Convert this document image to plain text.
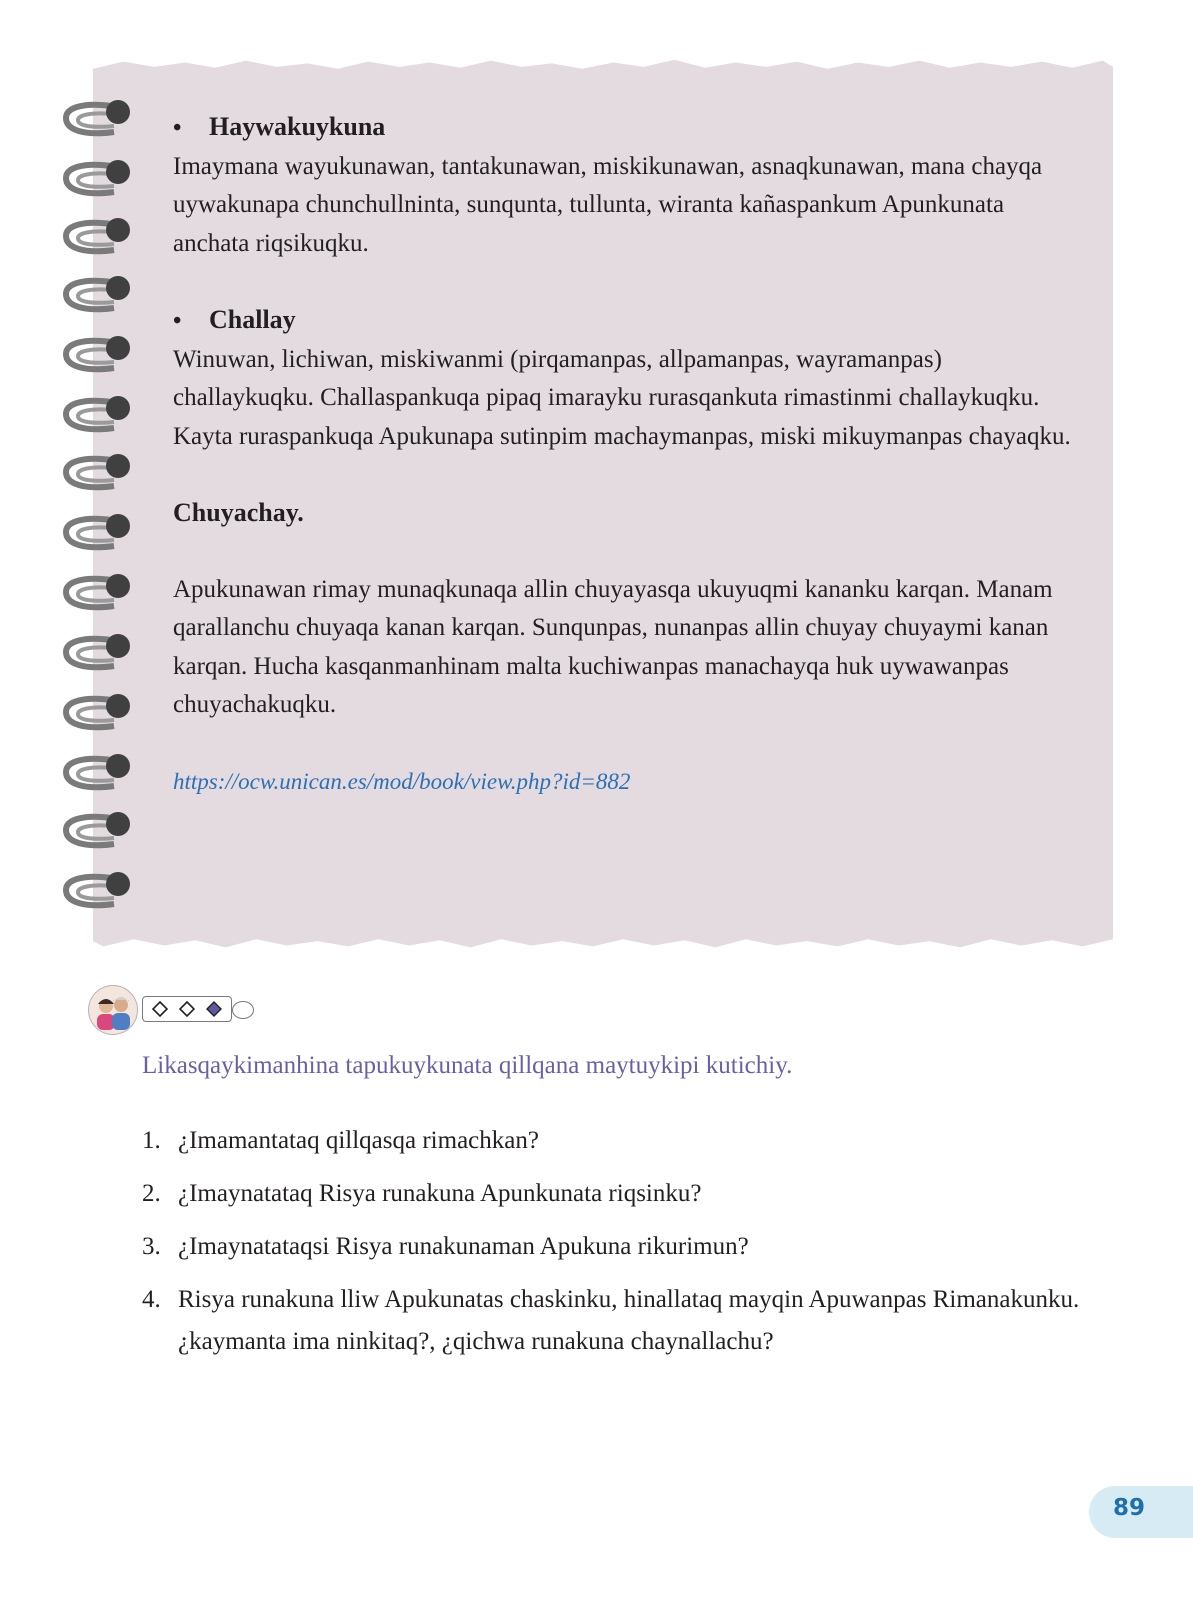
•	Haywakuykuna

Imaymana wayukunawan, tantakunawan, miskikunawan, asnaqkunawan, mana chayqa uywakunapa chunchullninta, sunqunta, tullunta, wiranta kañaspankum Apunkunata anchata riqsikuqku.

•	Challay

Winuwan, lichiwan, miskiwanmi (pirqamanpas, allpamanpas, wayramanpas) challaykuqku. Challaspankuqa pipaq imarayku rurasqankuta rimastinmi challaykuqku. Kayta ruraspankuqa Apukunapa sutinpim machaymanpas, miski mikuymanpas chayaqku.

Chuyachay.

Apukunawan rimay munaqkunaqa allin chuyayasqa ukuyuqmi kananku karqan. Manam qarallanchu chuyaqa kanan karqan. Sunqunpas, nunanpas allin chuyay chuyaymi kanan karqan. Hucha kasqanmanhinam malta kuchiwanpas manachayqa huk uywawanpas chuyachakuqku.

https://ocw.unican.es/mod/book/view.php?id=882

Likasqaykimanhina tapukuykunata qillqana maytuykipi kutichiy.

1. ¿Imamantataq qillqasqa rimachkan?
2. ¿Imaynatataq Risya runakuna Apunkunata riqsinku?
3. ¿Imaynatataqsi Risya runakunaman Apukuna rikurimun?
4. Risya runakuna lliw Apukunatas chaskinku, hinallataq mayqin Apuwanpas Rimanakunku. ¿kaymanta ima ninkitaq?, ¿qichwa runakuna chaynallachu?
89
